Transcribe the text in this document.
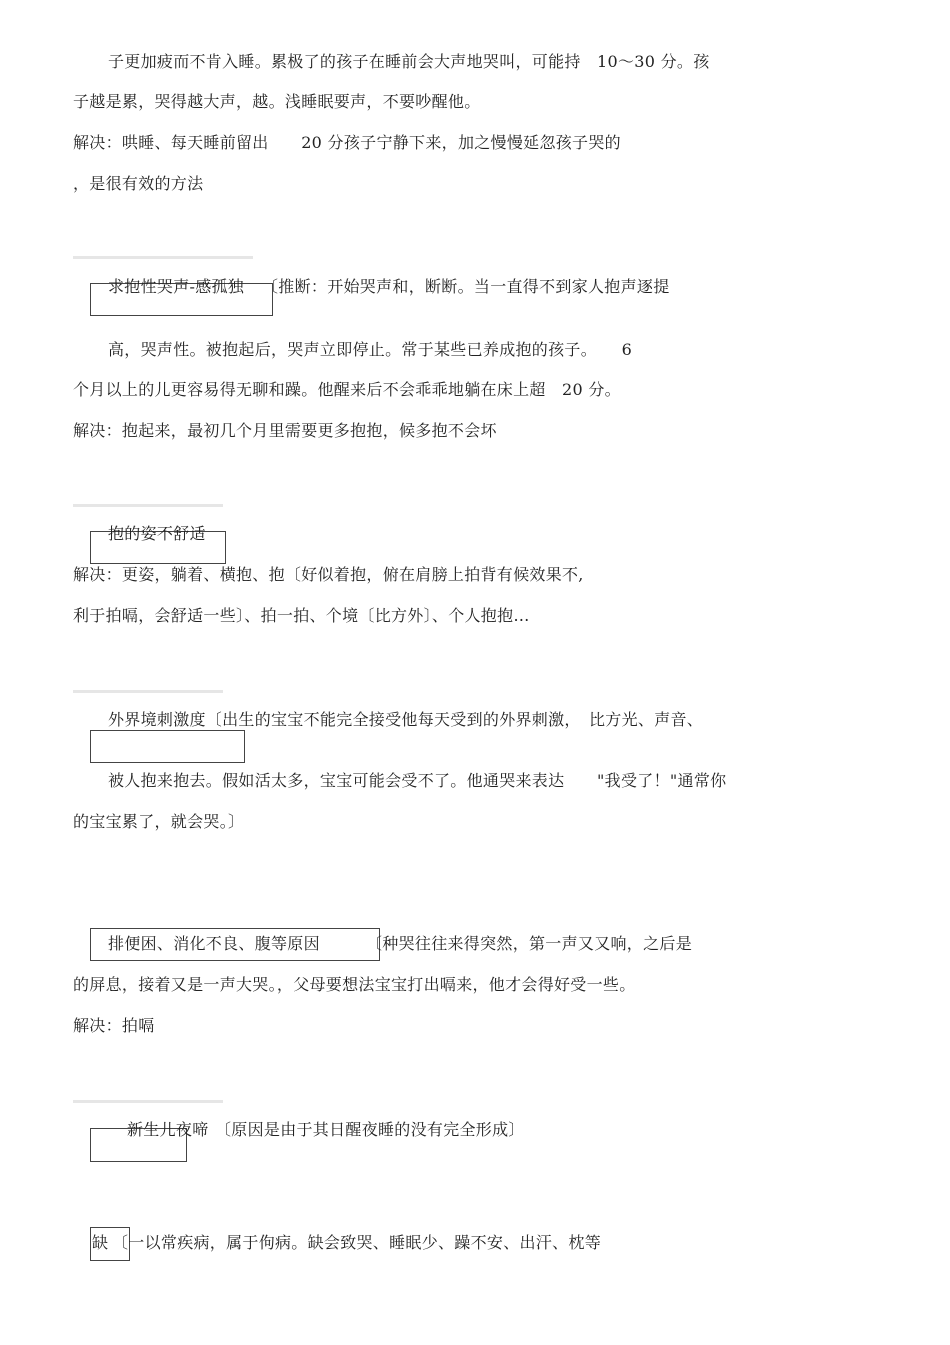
子更加疲而不肯入睡。累极了的孩子在睡前会大声地哭叫，可能持　10～30 分。孩
子越是累，哭得越大声，越。浅睡眠要声，不要吵醒他。
解决：哄睡、每天睡前留出　　20 分孩子宁静下来，加之慢慢延忽孩子哭的
，是很有效的方法
求抱性哭声-感孤独 〔推断：开始哭声和，断断。当一直得不到家人抱声逐提
高，哭声性。被抱起后，哭声立即停止。常于某些已养成抱的孩子。　　6
个月以上的儿更容易得无聊和躁。他醒来后不会乖乖地躺在床上超　20 分。
解决：抱起来，最初几个月里需要更多抱抱，候多抱不会坏
抱的姿不舒适
解决：更姿，躺着、横抱、抱〔好似着抱，俯在肩膀上拍背有候效果不,
利于拍嗝，会舒适一些〕、拍一拍、个境〔比方外〕、个人抱抱…
外界境刺激度〔出生的宝宝不能完全接受他每天受到的外界刺激，　比方光、声音、
被人抱来抱去。假如活太多，宝宝可能会受不了。他通哭来表达　　"我受了！"通常你
的宝宝累了，就会哭。〕
排便困、消化不良、腹等原因	〔种哭往往来得突然，第一声又又响，之后是
的屏息，接着又是一声大哭。，父母要想法宝宝打出嗝来，他才会得好受一些。
解决：拍嗝
新生儿夜啼 〔原因是由于其日醒夜睡的没有完全形成〕
缺 〔一以常疾病，属于佝病。缺会致哭、睡眠少、躁不安、出汗、枕等
